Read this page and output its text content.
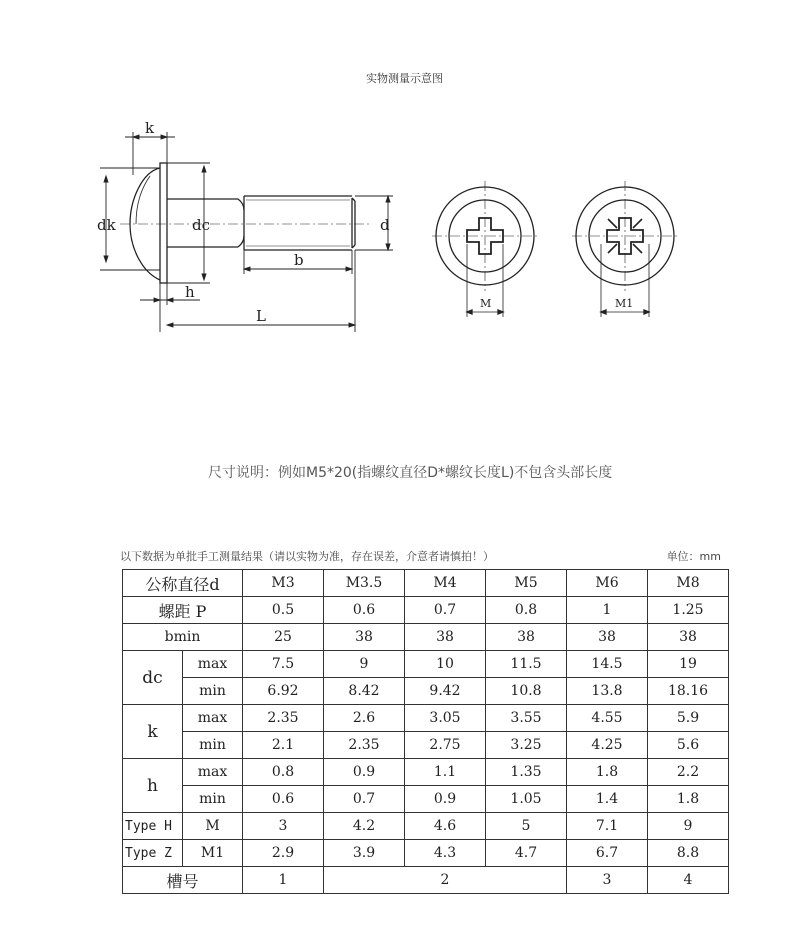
实物测量示意图
k
dk	dc	d
b
h
L
M	M1
尺寸说明：例如M5*20(指螺纹直径D*螺纹长度L)不包含头部长度
以下数据为单批手工测量结果（请以实物为准，存在误差，介意者请慎拍！）	单位：mm
公称直径d		M3	M3.5	M4	M5	M6	M8
螺距 P		0.5	0.6	0.7	0.8	1	1.25
bmin		25	38	38	38	38	38
dc	max	7.5	9	10	11.5	14.5	19
	min	6.92	8.42	9.42	10.8	13.8	18.16
k	max	2.35	2.6	3.05	3.55	4.55	5.9
	min	2.1	2.35	2.75	3.25	4.25	5.6
h	max	0.8	0.9	1.1	1.35	1.8	2.2
	min	0.6	0.7	0.9	1.05	1.4	1.8
Type H	M	3	4.2	4.6	5	7.1	9
Type Z	M1	2.9	3.9	4.3	4.7	6.7	8.8
槽号		1	2			3	4
